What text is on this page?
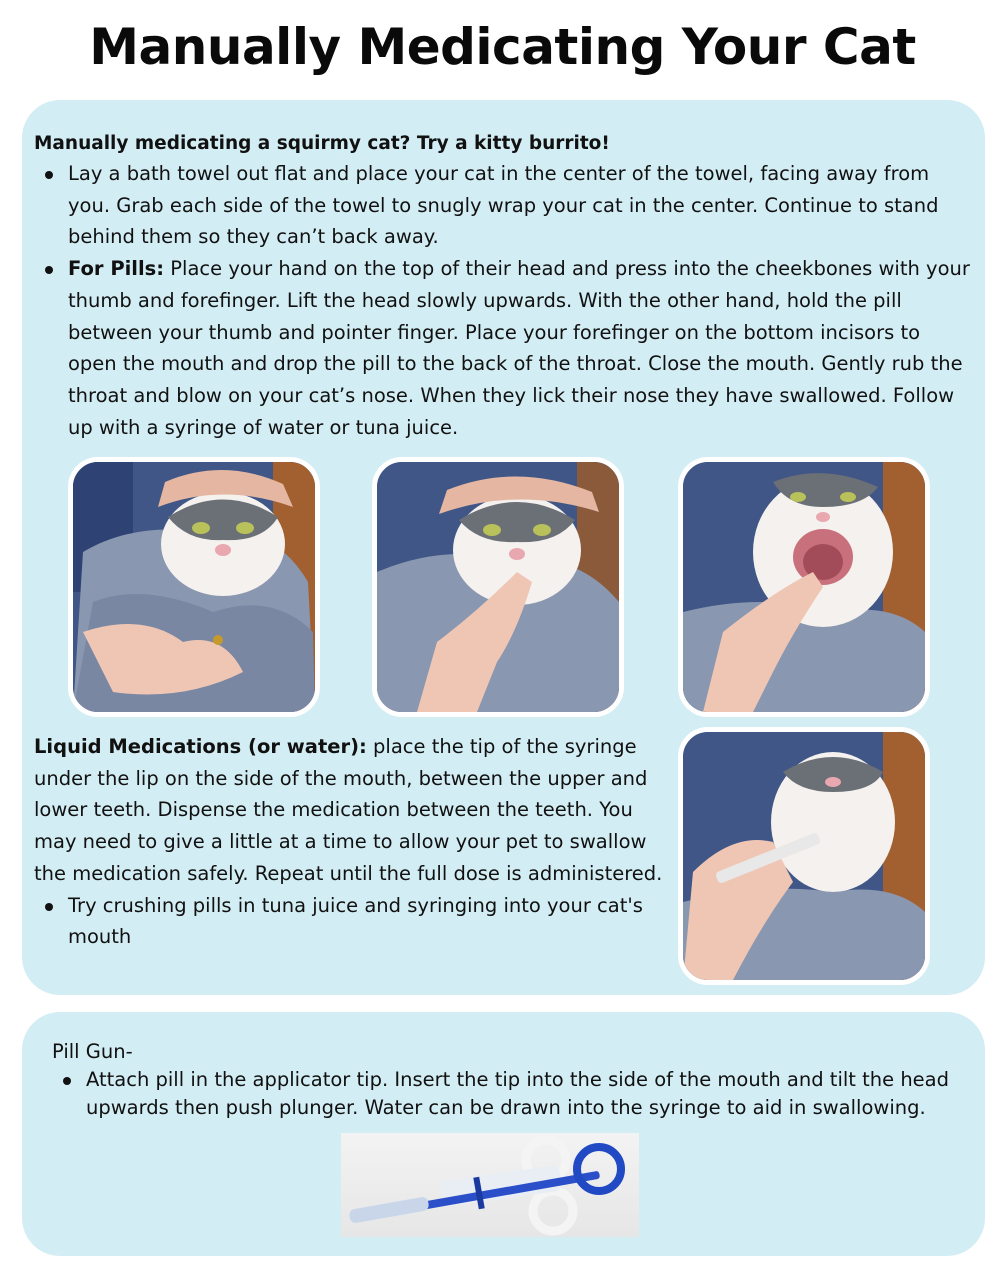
Manually Medicating Your Cat
Manually medicating a squirmy cat? Try a kitty burrito!
Lay a bath towel out flat and place your cat in the center of the towel, facing away from you. Grab each side of the towel to snugly wrap your cat in the center. Continue to stand behind them so they can’t back away.
For Pills: Place your hand on the top of their head and press into the cheekbones with your thumb and forefinger. Lift the head slowly upwards. With the other hand, hold the pill between your thumb and pointer finger. Place your forefinger on the bottom incisors to open the mouth and drop the pill to the back of the throat. Close the mouth. Gently rub the throat and blow on your cat’s nose. When they lick their nose they have swallowed. Follow up with a syringe of water or tuna juice.
Liquid Medications (or water): place the tip of the syringe under the lip on the side of the mouth, between the upper and lower teeth. Dispense the medication between the teeth. You may need to give a little at a time to allow your pet to swallow the medication safely. Repeat until the full dose is administered.
Try crushing pills in tuna juice and syringing into your cat's mouth
Pill Gun-
Attach pill in the applicator tip. Insert the tip into the side of the mouth and tilt the head upwards then push plunger. Water can be drawn into the syringe to aid in swallowing.
